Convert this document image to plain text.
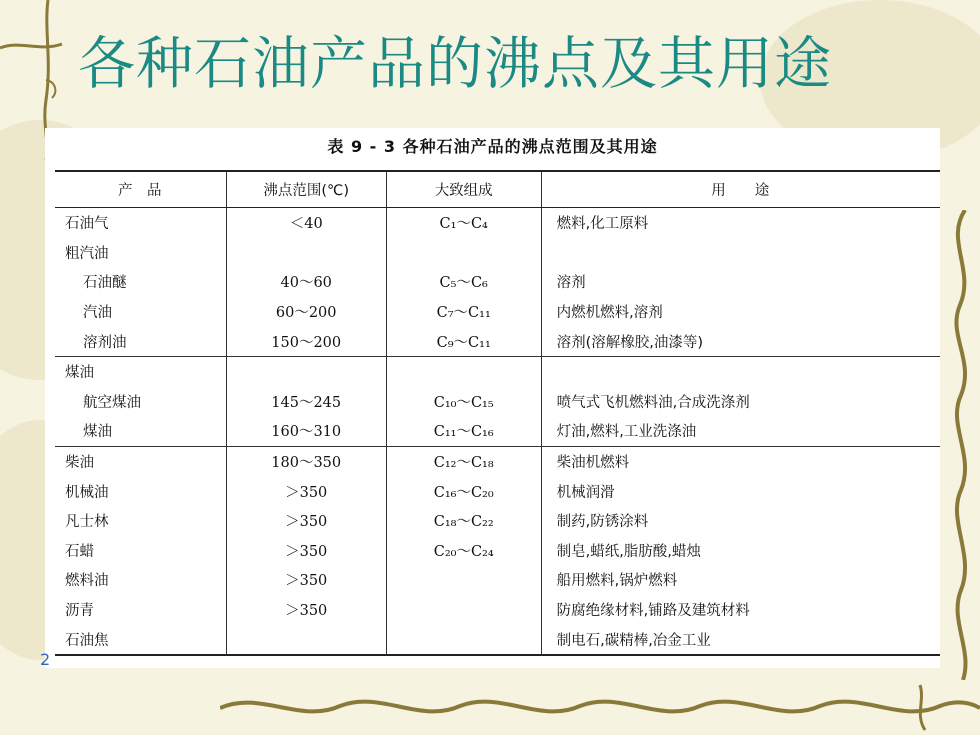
各种石油产品的沸点及其用途
表 9 - 3 各种石油产品的沸点范围及其用途
产　品	沸点范围(℃)	大致组成	用　　途
石油气	＜40	C₁～C₄	燃料,化工原料
粗汽油			
石油醚	40～60	C₅～C₆	溶剂
汽油	60～200	C₇～C₁₁	内燃机燃料,溶剂
溶剂油	150～200	C₉～C₁₁	溶剂(溶解橡胶,油漆等)
煤油			
航空煤油	145～245	C₁₀～C₁₅	喷气式飞机燃料油,合成洗涤剂
煤油	160～310	C₁₁～C₁₆	灯油,燃料,工业洗涤油
柴油	180～350	C₁₂～C₁₈	柴油机燃料
机械油	＞350	C₁₆～C₂₀	机械润滑
凡士林	＞350	C₁₈～C₂₂	制药,防锈涂料
石蜡	＞350	C₂₀～C₂₄	制皂,蜡纸,脂肪酸,蜡烛
燃料油	＞350		船用燃料,锅炉燃料
沥青	＞350		防腐绝缘材料,铺路及建筑材料
石油焦			制电石,碳精棒,冶金工业
2
